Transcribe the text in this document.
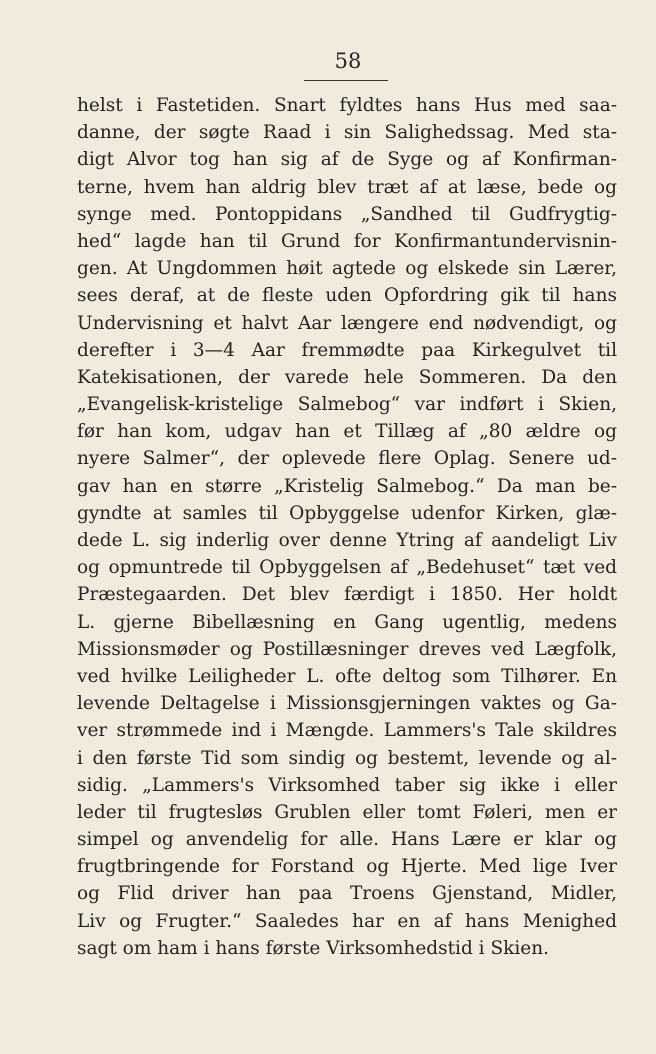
58
helst i Fastetiden. Snart fyldtes hans Hus med saa-
danne, der søgte Raad i sin Salighedssag. Med sta-
digt Alvor tog han sig af de Syge og af Konfirman-
terne, hvem han aldrig blev træt af at læse, bede og
synge med. Pontoppidans „Sandhed til Gudfrygtig-
hed“ lagde han til Grund for Konfirmantundervisnin-
gen. At Ungdommen høit agtede og elskede sin Lærer,
sees deraf, at de fleste uden Opfordring gik til hans
Undervisning et halvt Aar længere end nødvendigt, og
derefter i 3—4 Aar fremmødte paa Kirkegulvet til
Katekisationen, der varede hele Sommeren. Da den
„Evangelisk-kristelige Salmebog“ var indført i Skien,
før han kom, udgav han et Tillæg af „80 ældre og
nyere Salmer“, der oplevede flere Oplag. Senere ud-
gav han en større „Kristelig Salmebog.“ Da man be-
gyndte at samles til Opbyggelse udenfor Kirken, glæ-
dede L. sig inderlig over denne Ytring af aandeligt Liv
og opmuntrede til Opbyggelsen af „Bedehuset“ tæt ved
Præstegaarden. Det blev færdigt i 1850. Her holdt
L. gjerne Bibellæsning en Gang ugentlig, medens
Missionsmøder og Postillæsninger dreves ved Lægfolk,
ved hvilke Leiligheder L. ofte deltog som Tilhører. En
levende Deltagelse i Missionsgjerningen vaktes og Ga-
ver strømmede ind i Mængde. Lammers's Tale skildres
i den første Tid som sindig og bestemt, levende og al-
sidig. „Lammers's Virksomhed taber sig ikke i eller
leder til frugtesløs Grublen eller tomt Føleri, men er
simpel og anvendelig for alle. Hans Lære er klar og
frugtbringende for Forstand og Hjerte. Med lige Iver
og Flid driver han paa Troens Gjenstand, Midler,
Liv og Frugter.“ Saaledes har en af hans Menighed
sagt om ham i hans første Virksomhedstid i Skien.
